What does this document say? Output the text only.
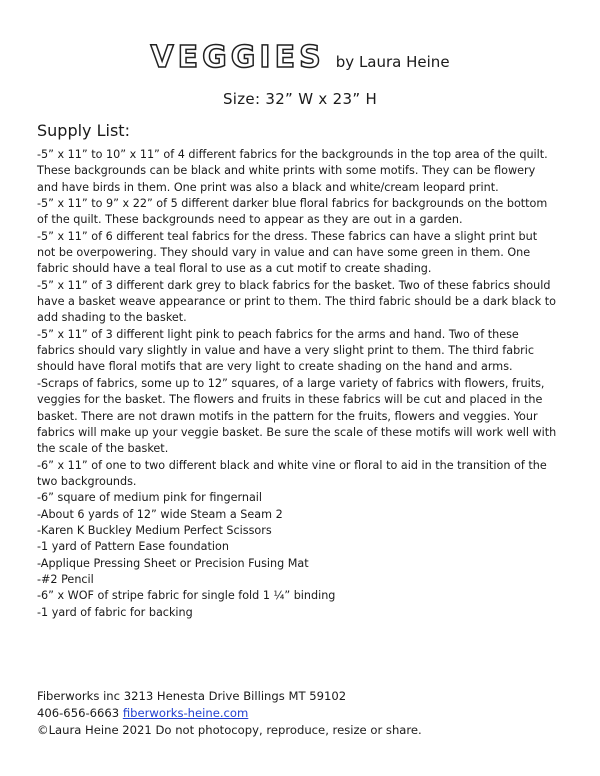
VEGGIES by Laura Heine
Size: 32” W x 23” H
Supply List:
-5” x 11” to 10” x 11” of 4 different fabrics for the backgrounds in the top area of the quilt. These backgrounds can be black and white prints with some motifs. They can be flowery and have birds in them. One print was also a black and white/cream leopard print.
-5” x 11” to 9” x 22” of 5 different darker blue floral fabrics for backgrounds on the bottom of the quilt. These backgrounds need to appear as they are out in a garden.
-5” x 11” of 6 different teal fabrics for the dress. These fabrics can have a slight print but not be overpowering. They should vary in value and can have some green in them. One fabric should have a teal floral to use as a cut motif to create shading.
-5” x 11” of 3 different dark grey to black fabrics for the basket. Two of these fabrics should have a basket weave appearance or print to them. The third fabric should be a dark black to add shading to the basket.
-5” x 11” of 3 different light pink to peach fabrics for the arms and hand. Two of these fabrics should vary slightly in value and have a very slight print to them. The third fabric should have floral motifs that are very light to create shading on the hand and arms.
-Scraps of fabrics, some up to 12” squares, of a large variety of fabrics with flowers, fruits, veggies for the basket. The flowers and fruits in these fabrics will be cut and placed in the basket. There are not drawn motifs in the pattern for the fruits, flowers and veggies. Your fabrics will make up your veggie basket. Be sure the scale of these motifs will work well with the scale of the basket.
-6” x 11” of one to two different black and white vine or floral to aid in the transition of the two backgrounds.
-6” square of medium pink for fingernail
-About 6 yards of 12” wide Steam a Seam 2
-Karen K Buckley Medium Perfect Scissors
-1 yard of Pattern Ease foundation
-Applique Pressing Sheet or Precision Fusing Mat
-#2 Pencil
-6” x WOF of stripe fabric for single fold 1 ¼” binding
-1 yard of fabric for backing
Fiberworks inc 3213 Henesta Drive Billings MT 59102
406-656-6663 fiberworks-heine.com
©Laura Heine 2021 Do not photocopy, reproduce, resize or share.
